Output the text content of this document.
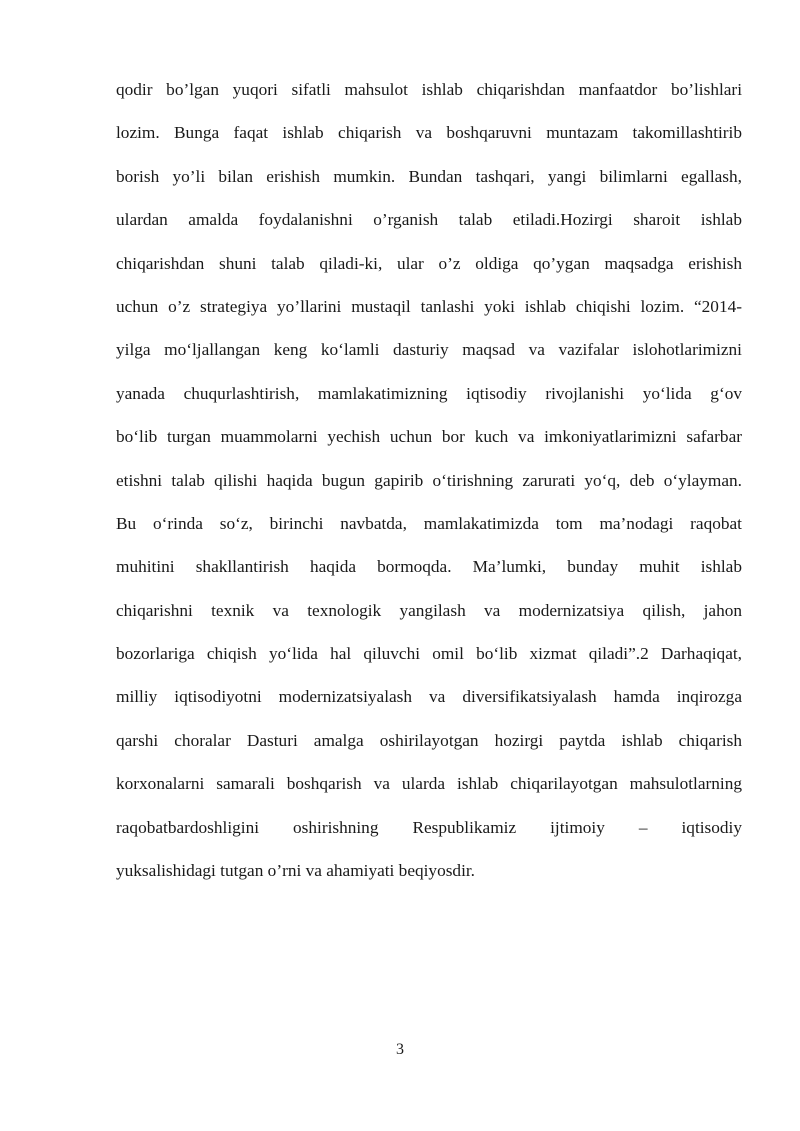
qodir bo’lgan yuqori sifatli mahsulot ishlab chiqarishdan manfaatdor bo’lishlari
lozim. Bunga faqat ishlab chiqarish va boshqaruvni muntazam takomillashtirib
borish yo’li bilan erishish mumkin. Bundan tashqari, yangi bilimlarni egallash,
ulardan amalda foydalanishni o’rganish talab etiladi.Hozirgi sharoit ishlab
chiqarishdan shuni talab qiladi-ki, ular o’z oldiga qo’ygan maqsadga erishish
uchun o’z strategiya yo’llarini mustaqil tanlashi yoki ishlab chiqishi lozim. “2014-
yilga moʻljallangan keng koʻlamli dasturiy maqsad va vazifalar islohotlarimizni
yanada chuqurlashtirish, mamlakatimizning iqtisodiy rivojlanishi yoʻlida gʻov
boʻlib turgan muammolarni yechish uchun bor kuch va imkoniyatlarimizni safarbar
etishni talab qilishi haqida bugun gapirib oʻtirishning zarurati yoʻq, deb oʻylayman.
Bu oʻrinda soʻz, birinchi navbatda, mamlakatimizda tom ma’nodagi raqobat
muhitini shakllantirish haqida bormoqda. Ma’lumki, bunday muhit ishlab
chiqarishni texnik va texnologik yangilash va modernizatsiya qilish, jahon
bozorlariga chiqish yoʻlida hal qiluvchi omil boʻlib xizmat qiladi”.2 Darhaqiqat,
milliy iqtisodiyotni modernizatsiyalash va diversifikatsiyalash hamda inqirozga
qarshi choralar Dasturi amalga oshirilayotgan hozirgi paytda ishlab chiqarish
korxonalarni samarali boshqarish va ularda ishlab chiqarilayotgan mahsulotlarning
raqobatbardoshligini oshirishning Respublikamiz ijtimoiy – iqtisodiy
yuksalishidagi tutgan o’rni va ahamiyati beqiyosdir.
3
